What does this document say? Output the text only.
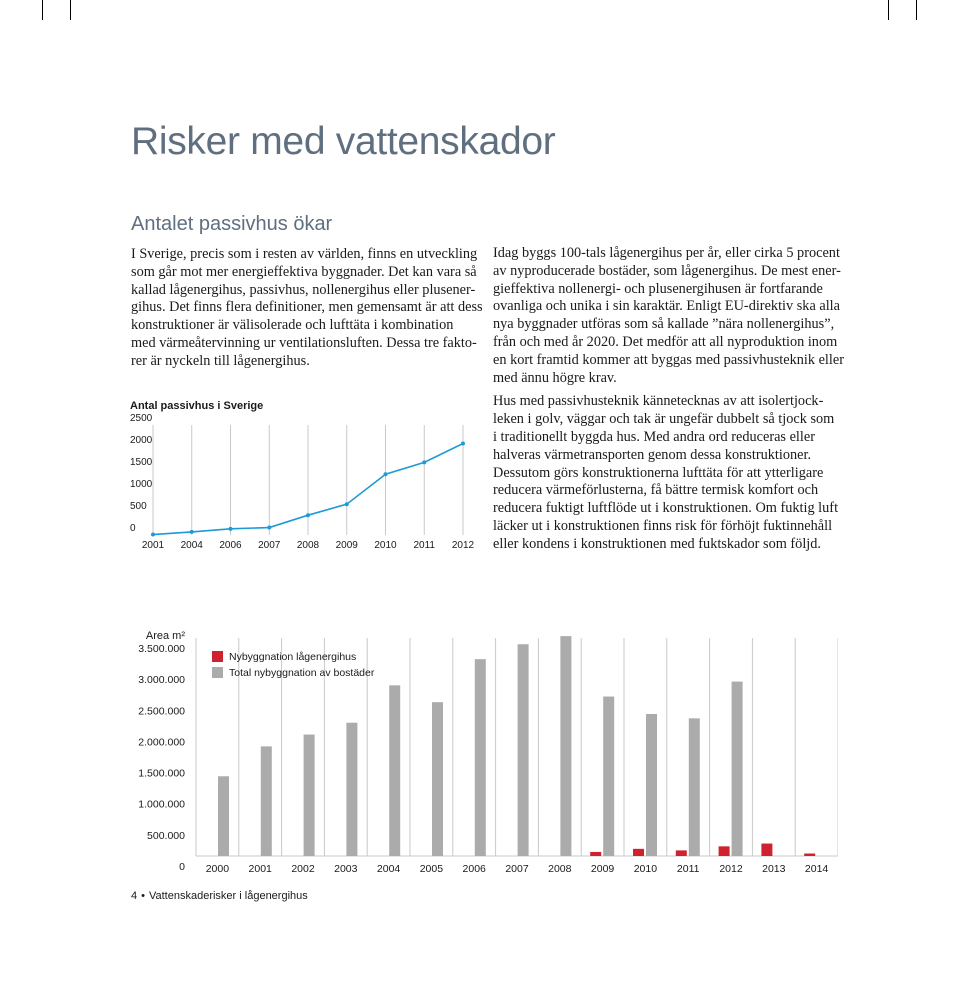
Risker med vattenskador
Antalet passivhus ökar

I Sverige, precis som i resten av världen, finns en utveckling
som går mot mer energieffektiva byggnader. Det kan vara så
kallad lågenergihus, passivhus, nollenergihus eller plusener-
gihus. Det finns flera definitioner, men gemensamt är att dess
konstruktioner är välisolerade och lufttäta i kombination
med värmeåtervinning ur ventilationsluften. Dessa tre fakto-
rer är nyckeln till lågenergihus.

Idag byggs 100-tals lågenergihus per år, eller cirka 5 procent
av nyproducerade bostäder, som lågenergihus. De mest ener-
gieffektiva nollenergi- och plusenergihusen är fortfarande
ovanliga och unika i sin karaktär. Enligt EU-direktiv ska alla
nya byggnader utföras som så kallade ”nära nollenergihus”,
från och med år 2020. Det medför att all nyproduktion inom
en kort framtid kommer att byggas med passivhusteknik eller
med ännu högre krav.

Hus med passivhusteknik kännetecknas av att isolertjock-
leken i golv, väggar och tak är ungefär dubbelt så tjock som
i traditionellt byggda hus. Med andra ord reduceras eller
halveras värmetransporten genom dessa konstruktioner.
Dessutom görs konstruktionerna lufttäta för att ytterligare
reducera värmeförlusterna, få bättre termisk komfort och
reducera fuktigt luftflöde ut i konstruktionen. Om fuktig luft
läcker ut i konstruktionen finns risk för förhöjt fuktinnehåll
eller kondens i konstruktionen med fuktskador som följd.

Antal passivhus i Sverige
2001 2004 2006 2007 2008 2009 2010 2011 2012
2500
2000
1500
1000
500
0
Area m²
3.500.000
3.000.000
2.500.000
2.000.000
1.500.000
1.000.000
500.000
0 2000 2001 2002 2003 2004 2005 2006 2007 2008 2009 2010 2011 2012 2013 2014
Nybyggnation lågenergihus
Total nybyggnation av bostäder
4 • Vattenskaderisker i lågenergihus
